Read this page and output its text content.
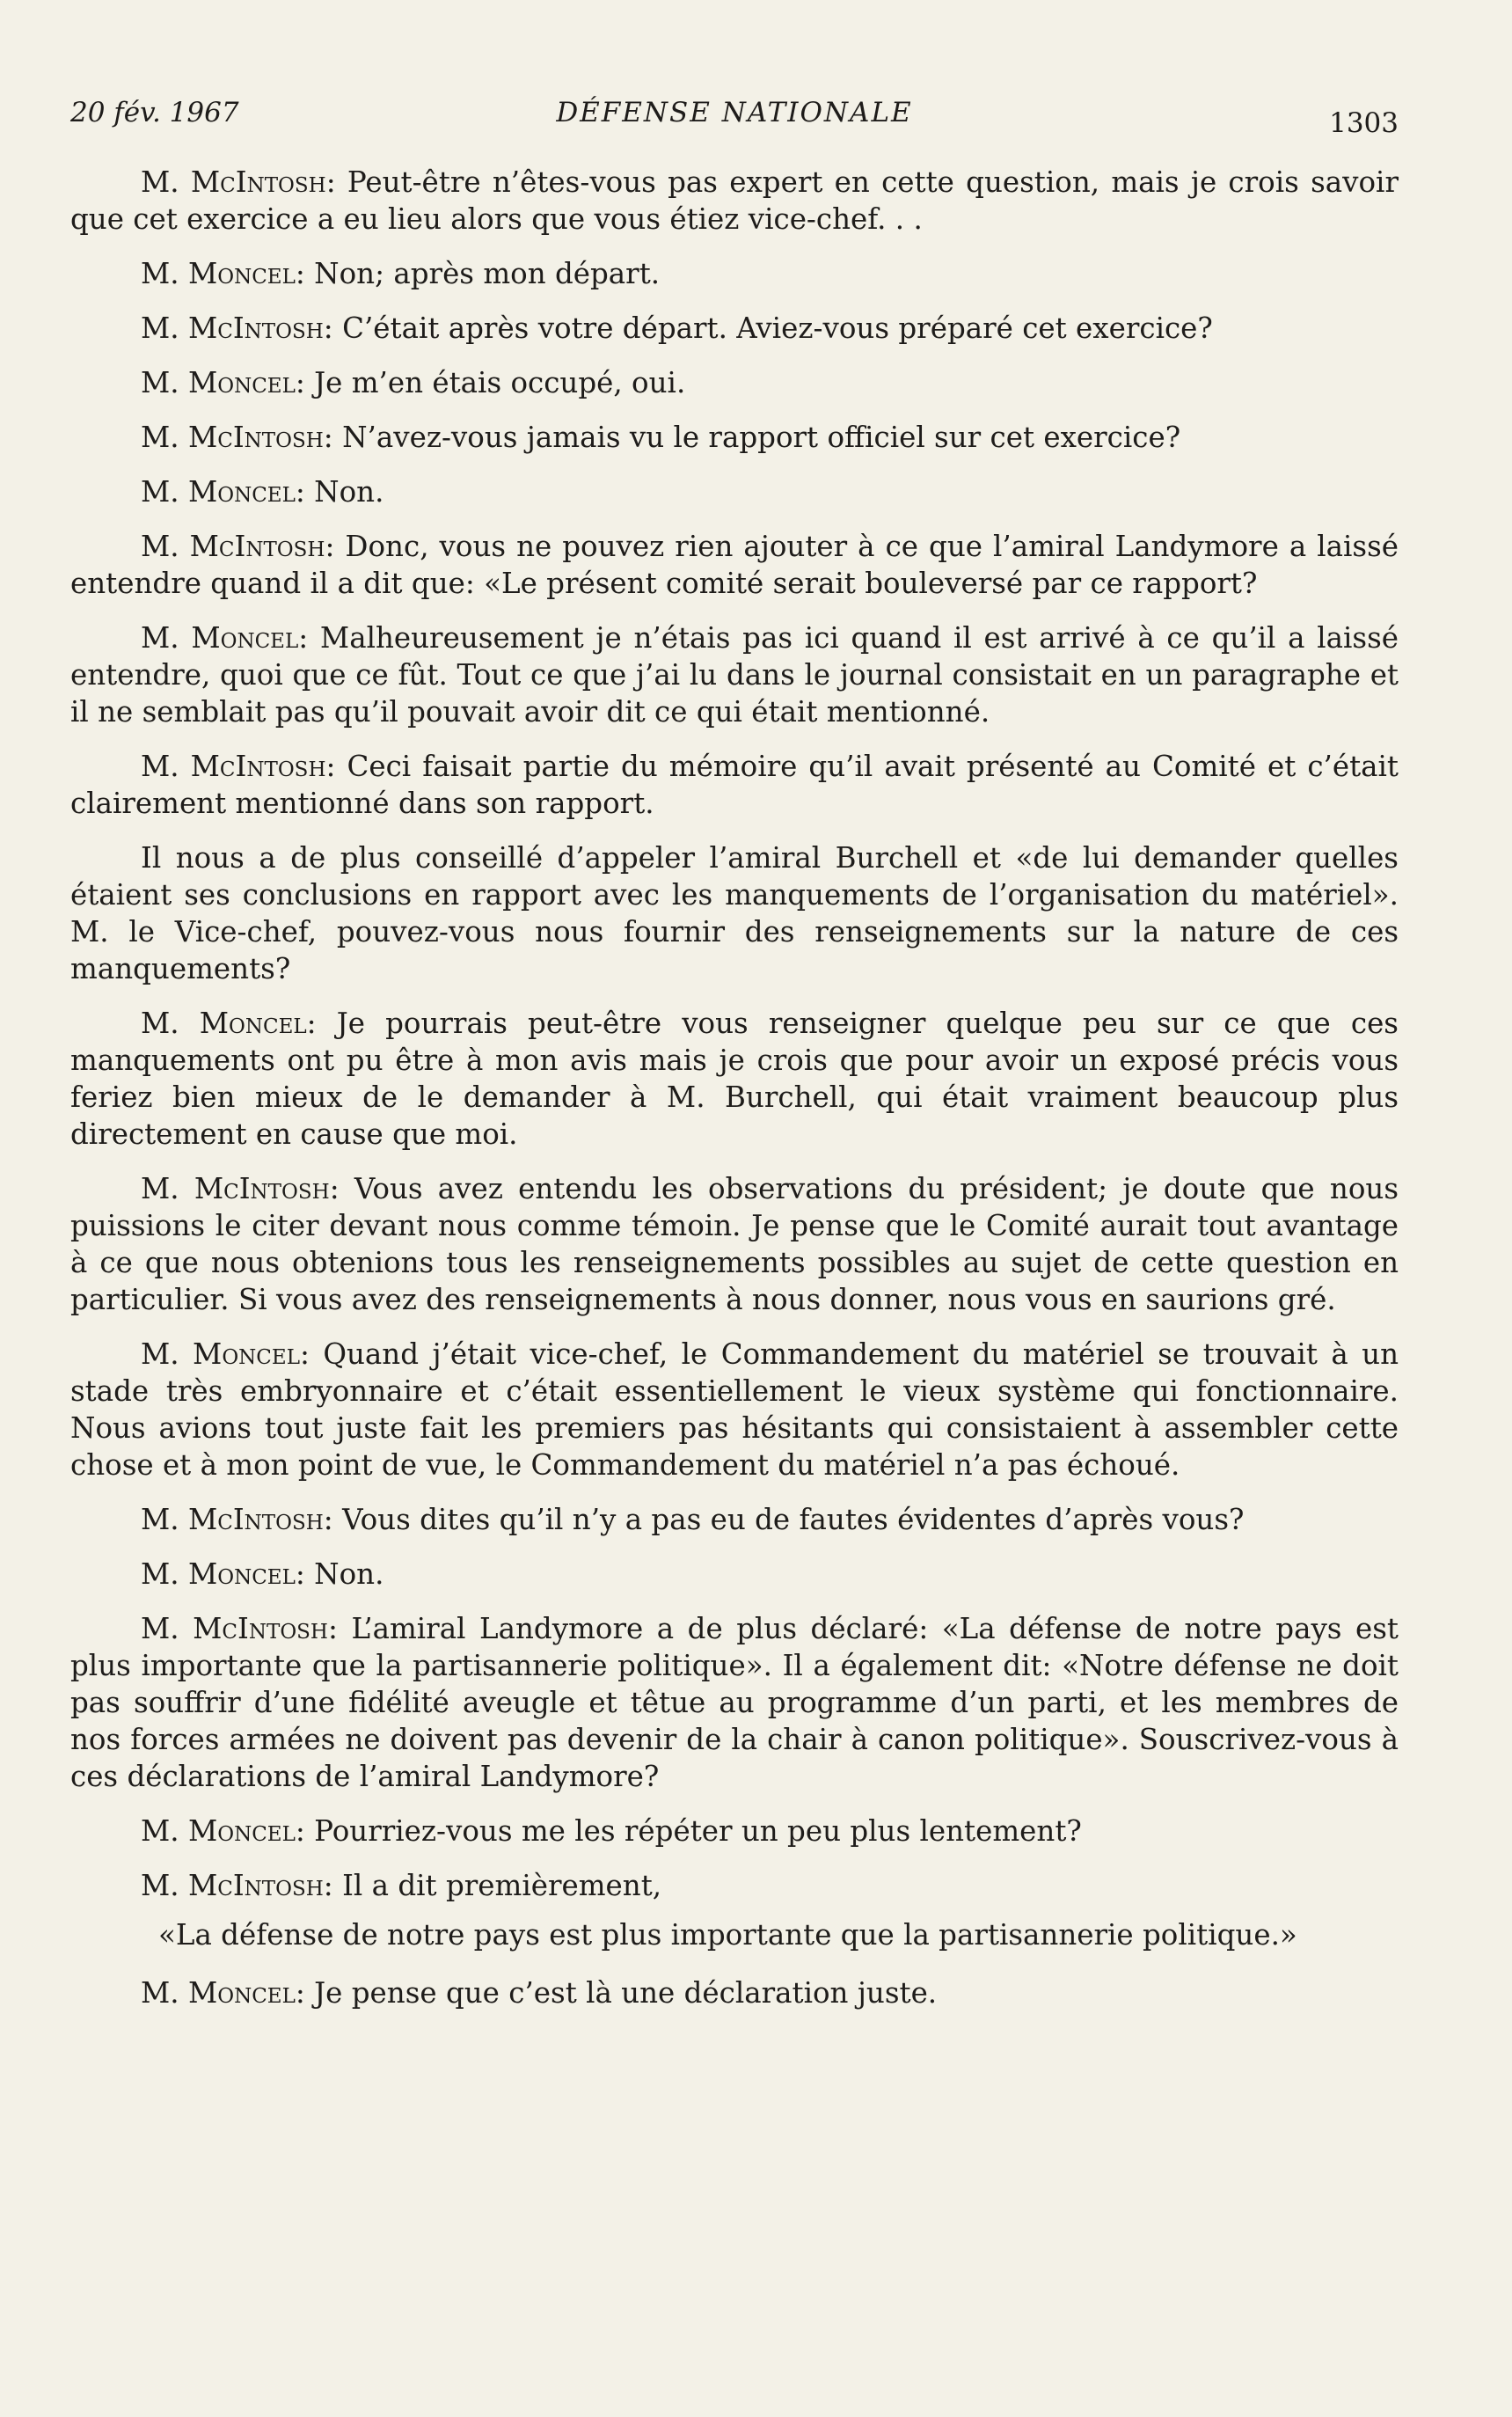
20 fév. 1967	DÉFENSE NATIONALE	1303

M. McIntosh: Peut-être n’êtes-vous pas expert en cette question, mais je crois savoir que cet exercice a eu lieu alors que vous étiez vice-chef. . .

M. Moncel: Non; après mon départ.

M. McIntosh: C’était après votre départ. Aviez-vous préparé cet exercice?

M. Moncel: Je m’en étais occupé, oui.

M. McIntosh: N’avez-vous jamais vu le rapport officiel sur cet exercice?

M. Moncel: Non.

M. McIntosh: Donc, vous ne pouvez rien ajouter à ce que l’amiral Landymore a laissé entendre quand il a dit que: «Le présent comité serait bouleversé par ce rapport?

M. Moncel: Malheureusement je n’étais pas ici quand il est arrivé à ce qu’il a laissé entendre, quoi que ce fût. Tout ce que j’ai lu dans le journal consistait en un paragraphe et il ne semblait pas qu’il pouvait avoir dit ce qui était mentionné.

M. McIntosh: Ceci faisait partie du mémoire qu’il avait présenté au Comité et c’était clairement mentionné dans son rapport.

Il nous a de plus conseillé d’appeler l’amiral Burchell et «de lui demander quelles étaient ses conclusions en rapport avec les manquements de l’organisation du matériel». M. le Vice-chef, pouvez-vous nous fournir des renseignements sur la nature de ces manquements?

M. Moncel: Je pourrais peut-être vous renseigner quelque peu sur ce que ces manquements ont pu être à mon avis mais je crois que pour avoir un exposé précis vous feriez bien mieux de le demander à M. Burchell, qui était vraiment beaucoup plus directement en cause que moi.

M. McIntosh: Vous avez entendu les observations du président; je doute que nous puissions le citer devant nous comme témoin. Je pense que le Comité aurait tout avantage à ce que nous obtenions tous les renseignements possibles au sujet de cette question en particulier. Si vous avez des renseignements à nous donner, nous vous en saurions gré.

M. Moncel: Quand j’était vice-chef, le Commandement du matériel se trouvait à un stade très embryonnaire et c’était essentiellement le vieux système qui fonctionnaire. Nous avions tout juste fait les premiers pas hésitants qui consistaient à assembler cette chose et à mon point de vue, le Commandement du matériel n’a pas échoué.

M. McIntosh: Vous dites qu’il n’y a pas eu de fautes évidentes d’après vous?

M. Moncel: Non.

M. McIntosh: L’amiral Landymore a de plus déclaré: «La défense de notre pays est plus importante que la partisannerie politique». Il a également dit: «Notre défense ne doit pas souffrir d’une fidélité aveugle et têtue au programme d’un parti, et les membres de nos forces armées ne doivent pas devenir de la chair à canon politique». Souscrivez-vous à ces déclarations de l’amiral Landymore?

M. Moncel: Pourriez-vous me les répéter un peu plus lentement?

M. McIntosh: Il a dit premièrement,

«La défense de notre pays est plus importante que la partisannerie politique.»

M. Moncel: Je pense que c’est là une déclaration juste.
